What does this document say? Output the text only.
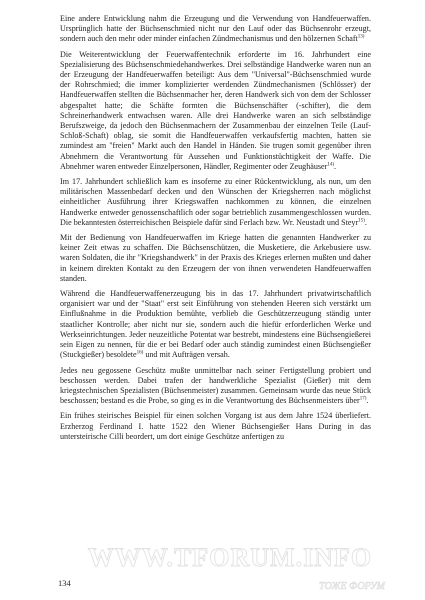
Eine andere Entwicklung nahm die Erzeugung und die Verwendung von Handfeuerwaffen. Ursprünglich hatte der Büchsenschmied nicht nur den Lauf oder das Büchsenrohr erzeugt, sondern auch den mehr oder minder einfachen Zündmechanismus und den hölzernen Schaft$^{13)}$

Die Weiterentwicklung der Feuerwaffentechnik erforderte im 16. Jahrhundert eine Spezialisierung des Büchsenschmiedehandwerkes. Drei selbständige Handwerke waren nun an der Erzeugung der Handfeuerwaffen beteiligt: Aus dem "Universal"-Büchsenschmied wurde der Rohrschmied; die immer komplizierter werdenden Zündmechanismen (Schlösser) der Handfeuerwaffen stellten die Büchsenmacher her, deren Handwerk sich von dem der Schlosser abgespaltet hatte; die Schäfte formten die Büchsenschäfter (-schifter), die dem Schreinerhandwerk entwachsen waren. Alle drei Handwerke waren an sich selbständige Berufszweige, da jedoch den Büchsenmachern der Zusammenbau der einzelnen Teile (Lauf-Schloß-Schaft) oblag, sie somit die Handfeuerwaffen verkaufsfertig machten, hatten sie zumindest am "freien" Markt auch den Handel in Händen. Sie trugen somit gegenüber ihren Abnehmern die Verantwortung für Aussehen und Funktionstüchtigkeit der Waffe. Die Abnehmer waren entweder Einzelpersonen, Händler, Regimenter oder Zeughäuser$^{14)}$.

Im 17. Jahrhundert schließlich kam es insoferne zu einer Rückentwicklung, als nun, um den militärischen Massenbedarf decken und den Wünschen der Kriegsherren nach möglichst einheitlicher Ausführung ihrer Kriegswaffen nachkommen zu können, die einzelnen Handwerke entweder genossenschaftlich oder sogar betrieblich zusammengeschlossen wurden. Die bekanntesten österreichischen Beispiele dafür sind Ferlach bzw. Wr. Neustadt und Steyr$^{15)}$.

Mit der Bedienung von Handfeuerwaffen im Kriege hatten die genannten Handwerker zu keiner Zeit etwas zu schaffen. Die Büchsenschützen, die Musketiere, die Arkebusiere usw. waren Soldaten, die ihr "Kriegshandwerk" in der Praxis des Krieges erlernen mußten und daher in keinem direkten Kontakt zu den Erzeugern der von ihnen verwendeten Handfeuerwaffen standen.

Während die Handfeuerwaffenerzeugung bis in das 17. Jahrhundert privatwirtschaftlich organisiert war und der "Staat" erst seit Einführung von stehenden Heeren sich verstärkt um Einflußnahme in die Produktion bemühte, verblieb die Geschützerzeugung ständig unter staatlicher Kontrolle; aber nicht nur sie, sondern auch die hiefür erforderlichen Werke und Werkseinrichtungen. Jeder neuzeitliche Potentat war bestrebt, mindestens eine Büchsengießerei sein Eigen zu nennen, für die er bei Bedarf oder auch ständig zumindest einen Büchsengießer (Stuckgießer) besoldete$^{16)}$ und mit Aufträgen versah.

Jedes neu gegossene Geschütz mußte unmittelbar nach seiner Fertigstellung probiert und beschossen werden. Dabei trafen der handwerkliche Spezialist (Gießer) mit dem kriegstechnischen Spezialisten (Büchsenmeister) zusammen. Gemeinsam wurde das neue Stück beschossen; bestand es die Probe, so ging es in die Verantwortung des Büchsenmeisters über$^{17)}$.

Ein frühes steirisches Beispiel für einen solchen Vorgang ist aus dem Jahre 1524 überliefert. Erzherzog Ferdinand I. hatte 1522 den Wiener Büchsengießer Hans During in das untersteirische Cilli beordert, um dort einige Geschütze anfertigen zu

WWW.TFORUM.INFO
134	ТОЖЕ ФОРУМ
